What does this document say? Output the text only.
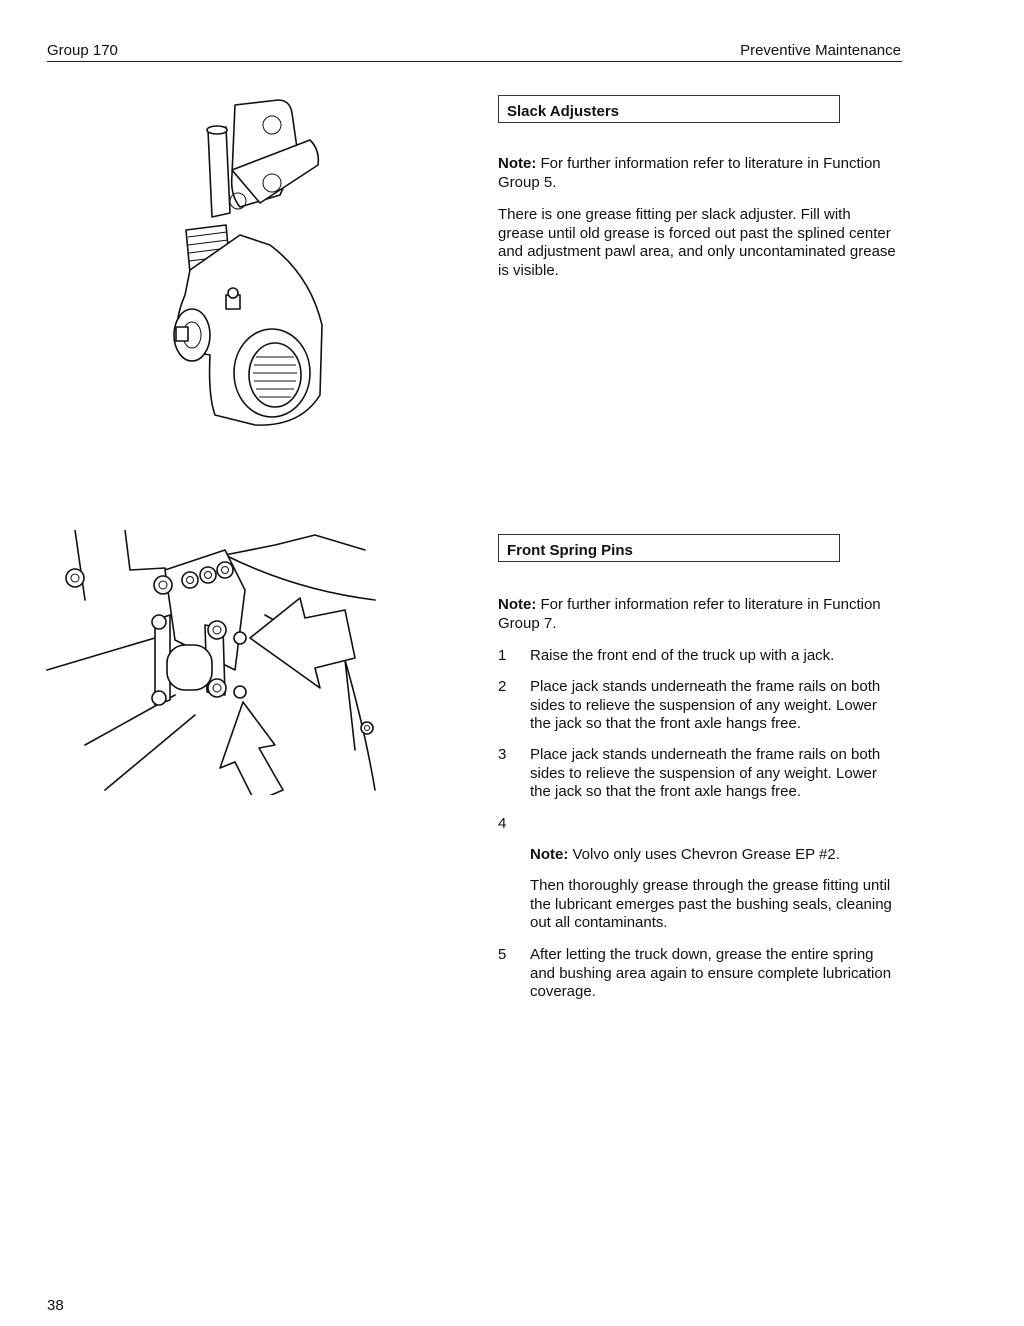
Group 170	Preventive Maintenance
Slack Adjusters

Note: For further information refer to literature in Function Group 5.

There is one grease fitting per slack adjuster. Fill with grease until old grease is forced out past the splined center and adjustment pawl area, and only uncontaminated grease is visible.

Front Spring Pins

Note: For further information refer to literature in Function Group 7.

1 Raise the front end of the truck up with a jack.

2 Place jack stands underneath the frame rails on both sides to relieve the suspension of any weight. Lower the jack so that the front axle hangs free.

3 Place jack stands underneath the frame rails on both sides to relieve the suspension of any weight. Lower the jack so that the front axle hangs free.

4

Note: Volvo only uses Chevron Grease EP #2.

Then thoroughly grease through the grease fitting until the lubricant emerges past the bushing seals, cleaning out all contaminants.

5 After letting the truck down, grease the entire spring and bushing area again to ensure complete lubrication coverage.

38
